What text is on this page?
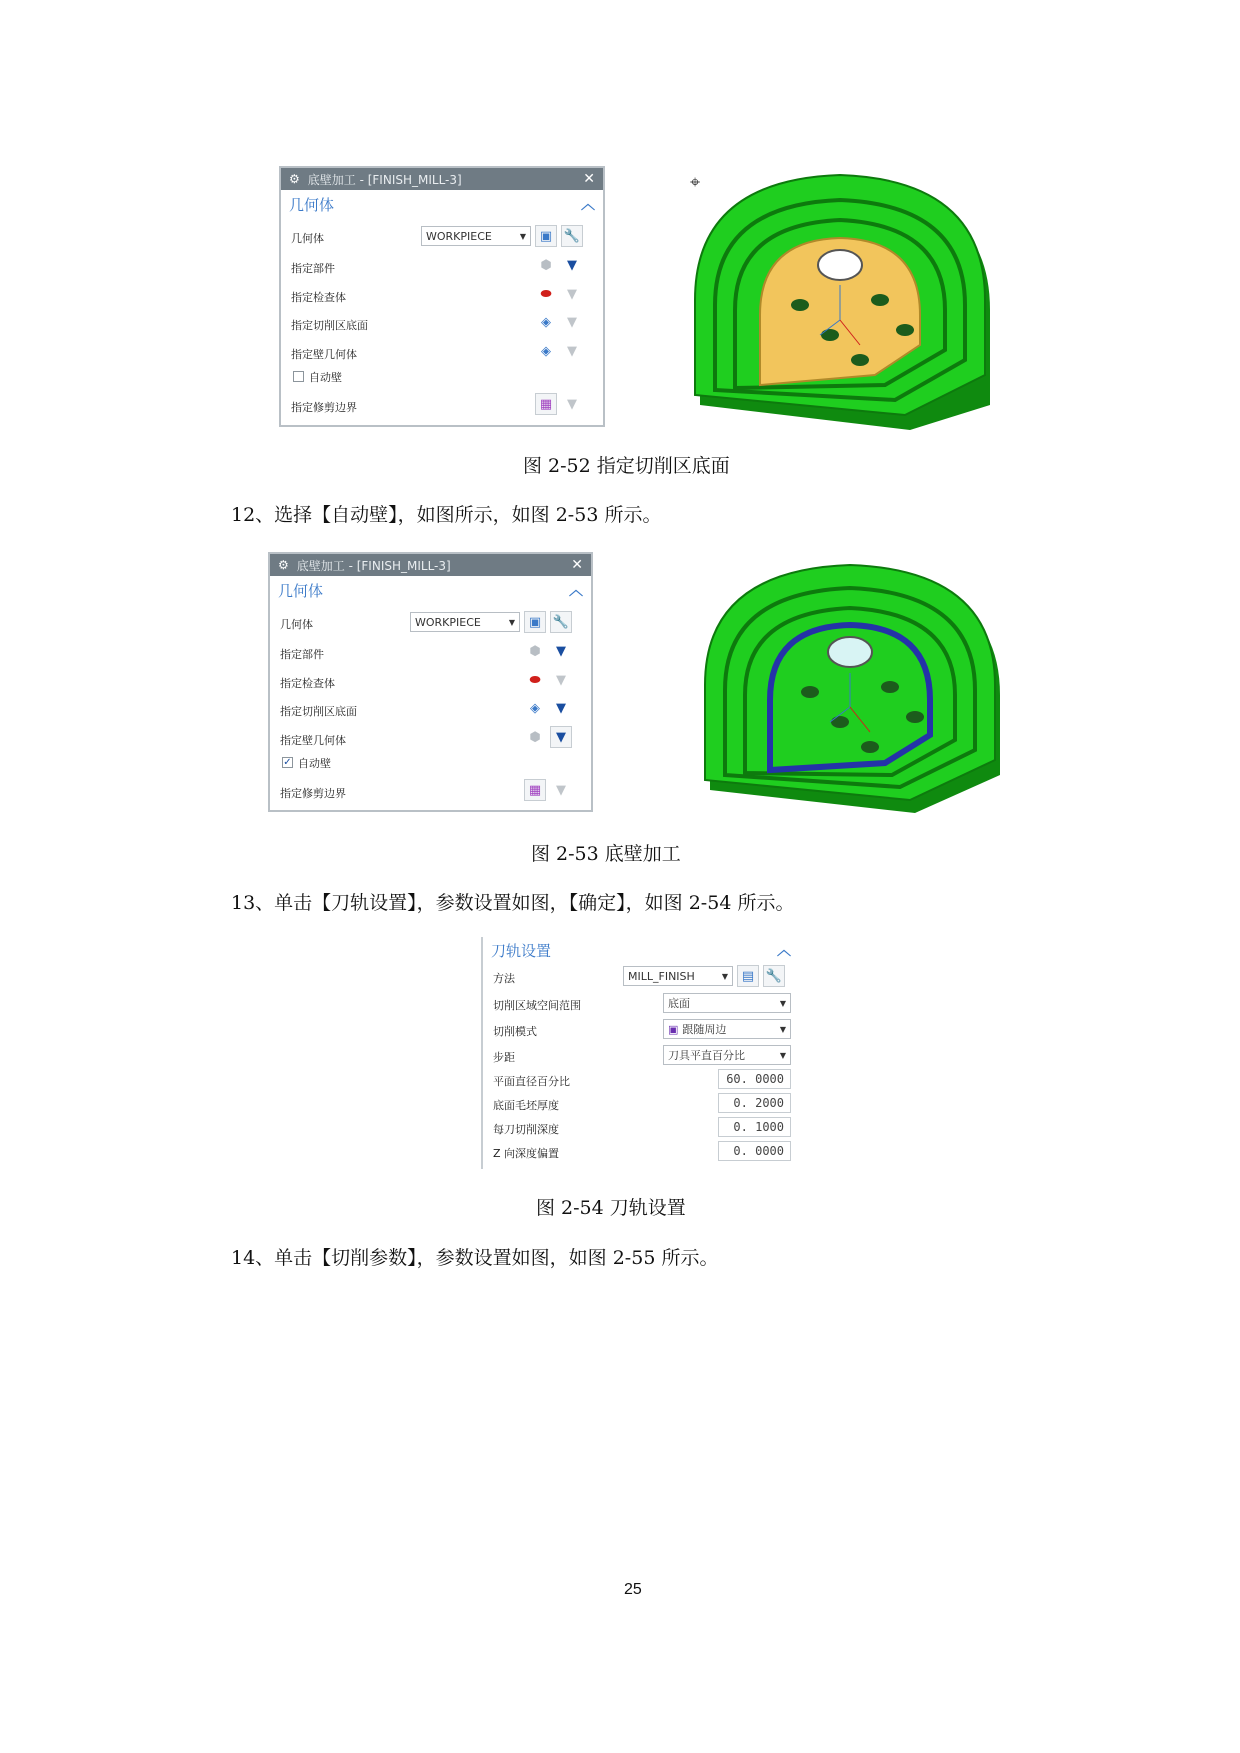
⚙ 底壁加工 - [FINISH_MILL-3]	✕
几何体	︿
几何体	WORKPIECE	▼ ▣ 🔧
指定部件	⬢	▼
指定检查体	⬬	▼
指定切削区底面	◈	▼
指定壁几何体	◈	▼
自动壁
指定修剪边界	▦	▼
⌖
图 2-52 指定切削区底面
12、选择【自动壁】，如图所示，如图 2-53 所示。
⚙ 底壁加工 - [FINISH_MILL-3]	✕
几何体	︿
几何体	WORKPIECE	▼ ▣ 🔧
指定部件	⬢	▼
指定检查体	⬬	▼
指定切削区底面	◈	▼
指定壁几何体	⬢	▼
✓ 自动壁
指定修剪边界	▦	▼
图 2-53 底壁加工
13、单击【刀轨设置】，参数设置如图，【确定】，如图 2-54 所示。
刀轨设置	︿
方法	MILL_FINISH	▼	▤ 🔧
切削区域空间范围	底面	▼
切削模式	▣ 跟随周边	▼
步距	刀具平直百分比	▼
平面直径百分比	60. 0000
底面毛坯厚度	0. 2000
每刀切削深度	0. 1000
Z 向深度偏置	0. 0000
图 2-54 刀轨设置
14、单击【切削参数】，参数设置如图，如图 2-55 所示。
25
